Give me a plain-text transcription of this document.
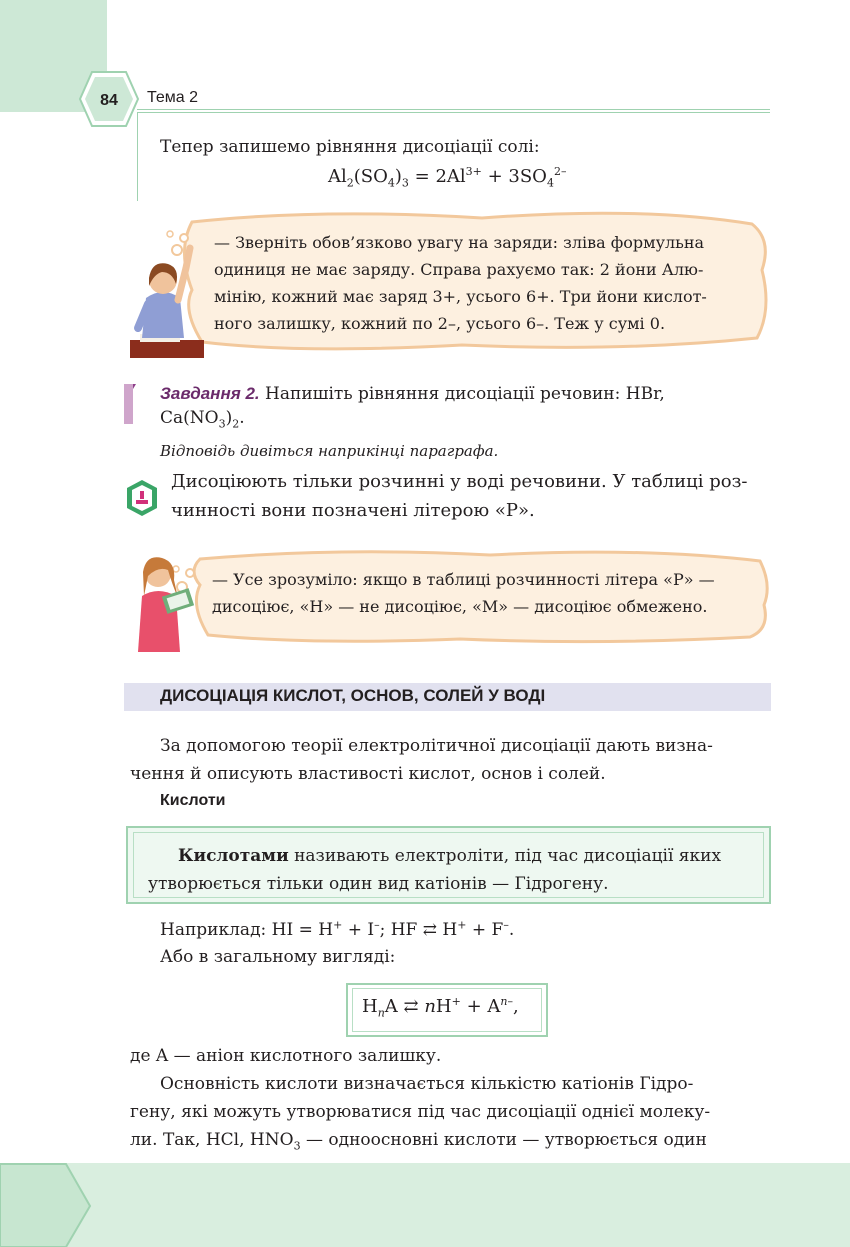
84 Тема 2
Тепер запишемо рівняння дисоціації солі:
$Al_2(SO_4)_3 = 2Al^{3+} + 3SO_4^{2-}$
— Зверніть обов’язково увагу на заряди: зліва формульна
одиниця не має заряду. Справа рахуємо так: 2 йони Алю-
мінію, кожний має заряд 3+, усього 6+. Три йони кислот-
ного залишку, кожний по 2–, усього 6–. Теж у сумі 0.
Завдання 2. Напишіть рівняння дисоціації речовин: HBr,
$Ca(NO_3)_2$.
Відповідь дивіться наприкінці параграфа.
Дисоціюють тільки розчинні у воді речовини. У таблиці роз-
чинності вони позначені літерою «Р».
— Усе зрозуміло: якщо в таблиці розчинності літера «Р» —
дисоціює, «Н» — не дисоціює, «М» — дисоціює обмежено.
ДИСОЦІАЦІЯ КИСЛОТ, ОСНОВ, СОЛЕЙ У ВОДІ
За допомогою теорії електролітичної дисоціації дають визна-
чення й описують властивості кислот, основ і солей.
Кислоти
Кислотами називають електроліти, під час дисоціації яких
утворюється тільки один вид катіонів — Гідрогену.
Наприклад: HI = H+ + I–; HF ⇄ H+ + F–.
Або в загальному вигляді:
$H_nA$ ⇄ $nH^+ + A^{n-}$,
де A — аніон кислотного залишку.
Основність кислоти визначається кількістю катіонів Гідро-
гену, які можуть утворюватися під час дисоціації однієї молеку-
ли. Так, HCl, $HNO_3$ — одноосновні кислоти — утворюється один
